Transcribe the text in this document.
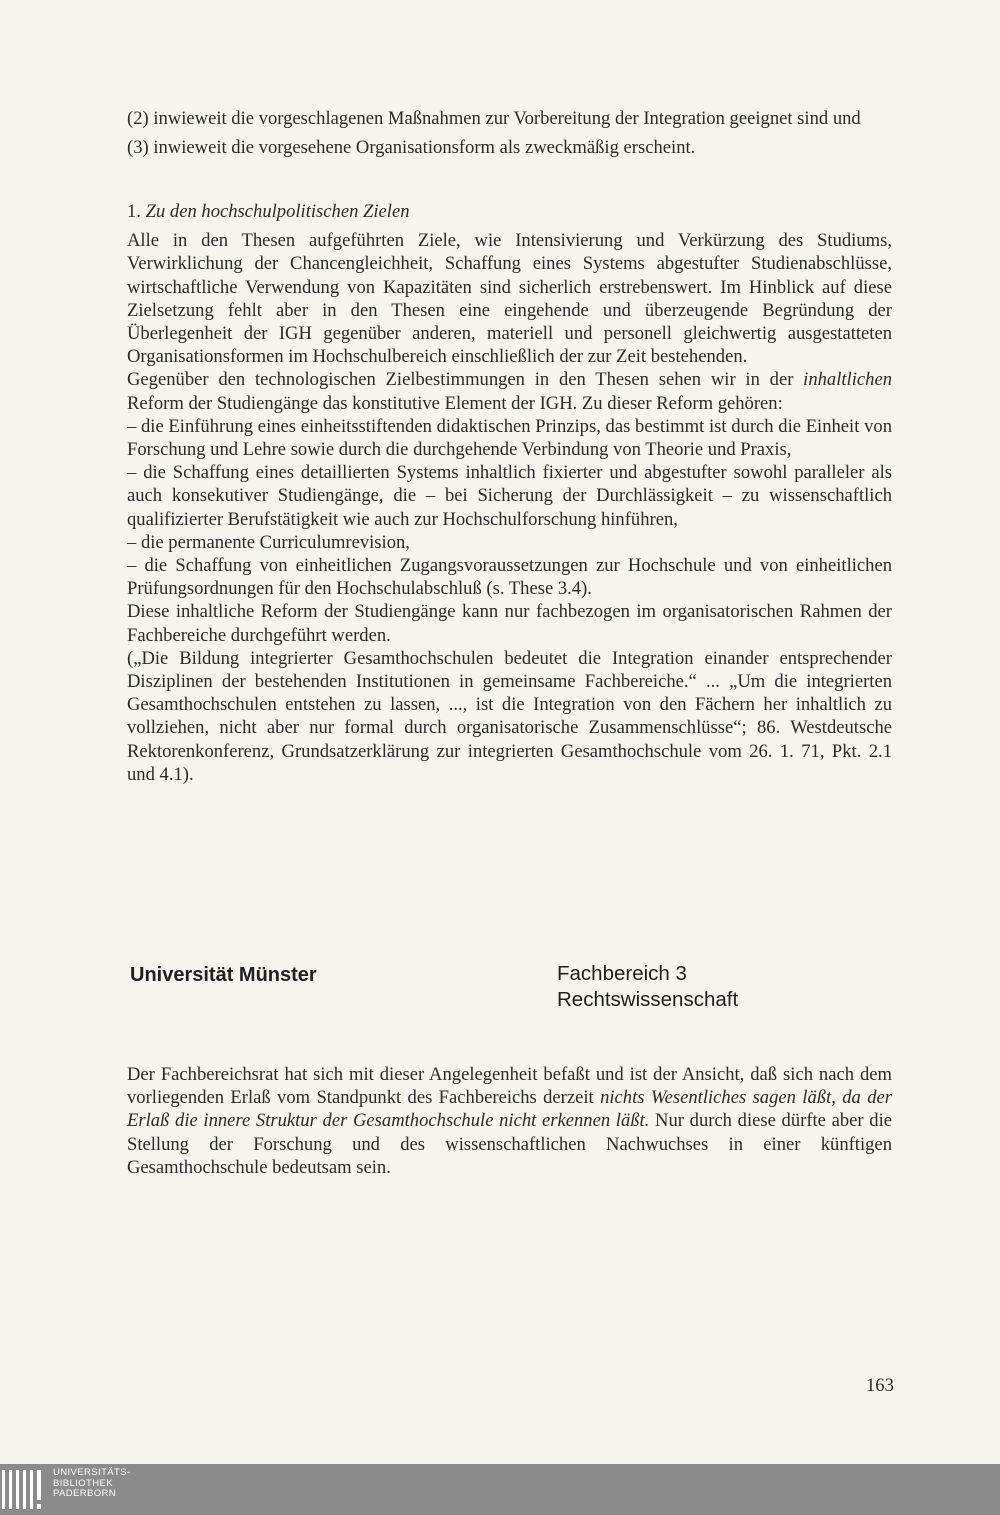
(2) inwieweit die vorgeschlagenen Maßnahmen zur Vorbereitung der Integration geeignet sind und

(3) inwieweit die vorgesehene Organisationsform als zweckmäßig erscheint.

1. Zu den hochschulpolitischen Zielen

Alle in den Thesen aufgeführten Ziele, wie Intensivierung und Verkürzung des Studiums, Verwirklichung der Chancengleichheit, Schaffung eines Systems abgestufter Studienabschlüsse, wirtschaftliche Verwendung von Kapazitäten sind sicherlich erstrebenswert. Im Hinblick auf diese Zielsetzung fehlt aber in den Thesen eine eingehende und überzeugende Begründung der Überlegenheit der IGH gegenüber anderen, materiell und personell gleichwertig ausgestatteten Organisationsformen im Hochschulbereich einschließlich der zur Zeit bestehenden.

Gegenüber den technologischen Zielbestimmungen in den Thesen sehen wir in der inhaltlichen Reform der Studiengänge das konstitutive Element der IGH. Zu dieser Reform gehören:

– die Einführung eines einheitsstiftenden didaktischen Prinzips, das bestimmt ist durch die Einheit von Forschung und Lehre sowie durch die durchgehende Verbindung von Theorie und Praxis,

– die Schaffung eines detaillierten Systems inhaltlich fixierter und abgestufter sowohl paralleler als auch konsekutiver Studiengänge, die – bei Sicherung der Durchlässigkeit – zu wissenschaftlich qualifizierter Berufstätigkeit wie auch zur Hochschulforschung hinführen,

– die permanente Curriculumrevision,

– die Schaffung von einheitlichen Zugangsvoraussetzungen zur Hochschule und von einheitlichen Prüfungsordnungen für den Hochschulabschluß (s. These 3.4).

Diese inhaltliche Reform der Studiengänge kann nur fachbezogen im organisatorischen Rahmen der Fachbereiche durchgeführt werden.

(„Die Bildung integrierter Gesamthochschulen bedeutet die Integration einander entsprechender Disziplinen der bestehenden Institutionen in gemeinsame Fachbereiche.“ ... „Um die integrierten Gesamthochschulen entstehen zu lassen, ..., ist die Integration von den Fächern her inhaltlich zu vollziehen, nicht aber nur formal durch organisatorische Zusammenschlüsse“; 86. Westdeutsche Rektorenkonferenz, Grundsatzerklärung zur integrierten Gesamthochschule vom 26. 1. 71, Pkt. 2.1 und 4.1).

Universität Münster	Fachbereich 3
Rechtswissenschaft

Der Fachbereichsrat hat sich mit dieser Angelegenheit befaßt und ist der Ansicht, daß sich nach dem vorliegenden Erlaß vom Standpunkt des Fachbereichs derzeit nichts Wesentliches sagen läßt, da der Erlaß die innere Struktur der Gesamthochschule nicht erkennen läßt. Nur durch diese dürfte aber die Stellung der Forschung und des wissenschaftlichen Nachwuchses in einer künftigen Gesamthochschule bedeutsam sein.

163
UNIVERSITÄTS-
BIBLIOTHEK
PADERBORN
